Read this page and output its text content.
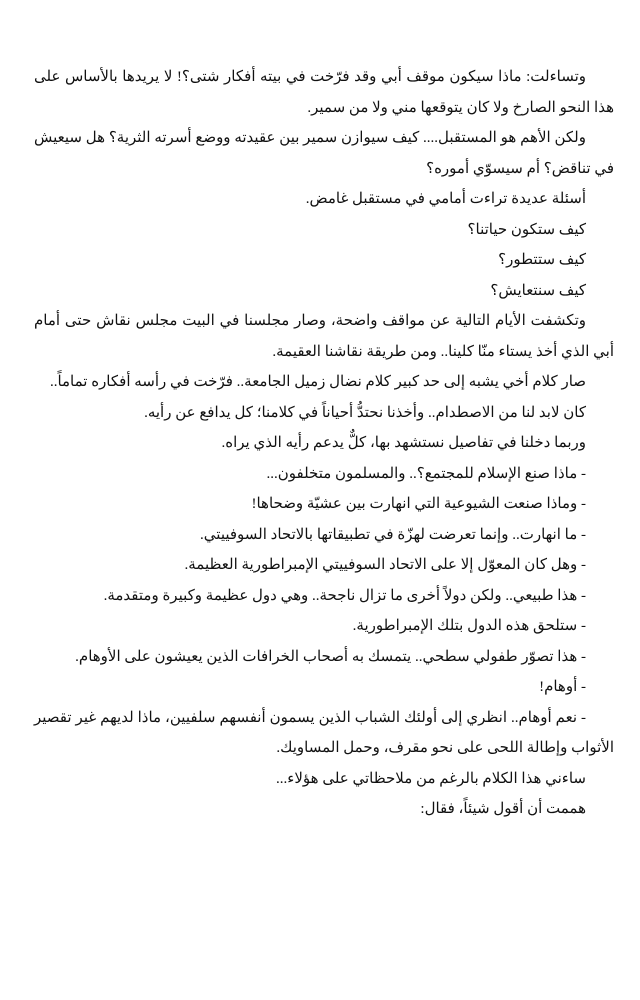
وتساءلت: ماذا سيكون موقف أبي وقد فرّخت في بيته أفكار شتى؟! لا يريدها بالأساس على هذا النحو الصارخ ولا كان يتوقعها مني ولا من سمير.

ولكن الأهم هو المستقبل.... كيف سيوازن سمير بين عقيدته ووضع أسرته الثرية؟ هل سيعيش في تناقض؟ أم سيسوّي أموره؟

أسئلة عديدة تراءت أمامي في مستقبل غامض.

كيف ستكون حياتنا؟

كيف ستتطور؟

كيف سنتعايش؟

وتكشفت الأيام التالية عن مواقف واضحة، وصار مجلسنا في البيت مجلس نقاش حتى أمام أبي الذي أخذ يستاء منّا كلينا.. ومن طريقة نقاشنا العقيمة.

صار كلام أخي يشبه إلى حد كبير كلام نضال زميل الجامعة.. فرّخت في رأسه أفكاره تماماً..

كان لابد لنا من الاصطدام.. وأخذنا نحتدُّ أحياناً في كلامنا؛ كل يدافع عن رأيه.

وربما دخلنا في تفاصيل نستشهد بها، كلٌّ يدعم رأيه الذي يراه.

- ماذا صنع الإسلام للمجتمع؟.. والمسلمون متخلفون...

- وماذا صنعت الشيوعية التي انهارت بين عشيّة وضحاها!

- ما انهارت.. وإنما تعرضت لهزّة في تطبيقاتها بالاتحاد السوفييتي.

- وهل كان المعوّل إلا على الاتحاد السوفييتي الإمبراطورية العظيمة.

- هذا طبيعي.. ولكن دولاً أخرى ما تزال ناجحة.. وهي دول عظيمة وكبيرة ومتقدمة.

- ستلحق هذه الدول بتلك الإمبراطورية.

- هذا تصوّر طفولي سطحي.. يتمسك به أصحاب الخرافات الذين يعيشون على الأوهام.

- أوهام!

- نعم أوهام.. انظري إلى أولئك الشباب الذين يسمون أنفسهم سلفيين، ماذا لديهم غير تقصير الأثواب وإطالة اللحى على نحو مقرف، وحمل المساويك.

ساءني هذا الكلام بالرغم من ملاحظاتي على هؤلاء...

هممت أن أقول شيئاً، فقال:
